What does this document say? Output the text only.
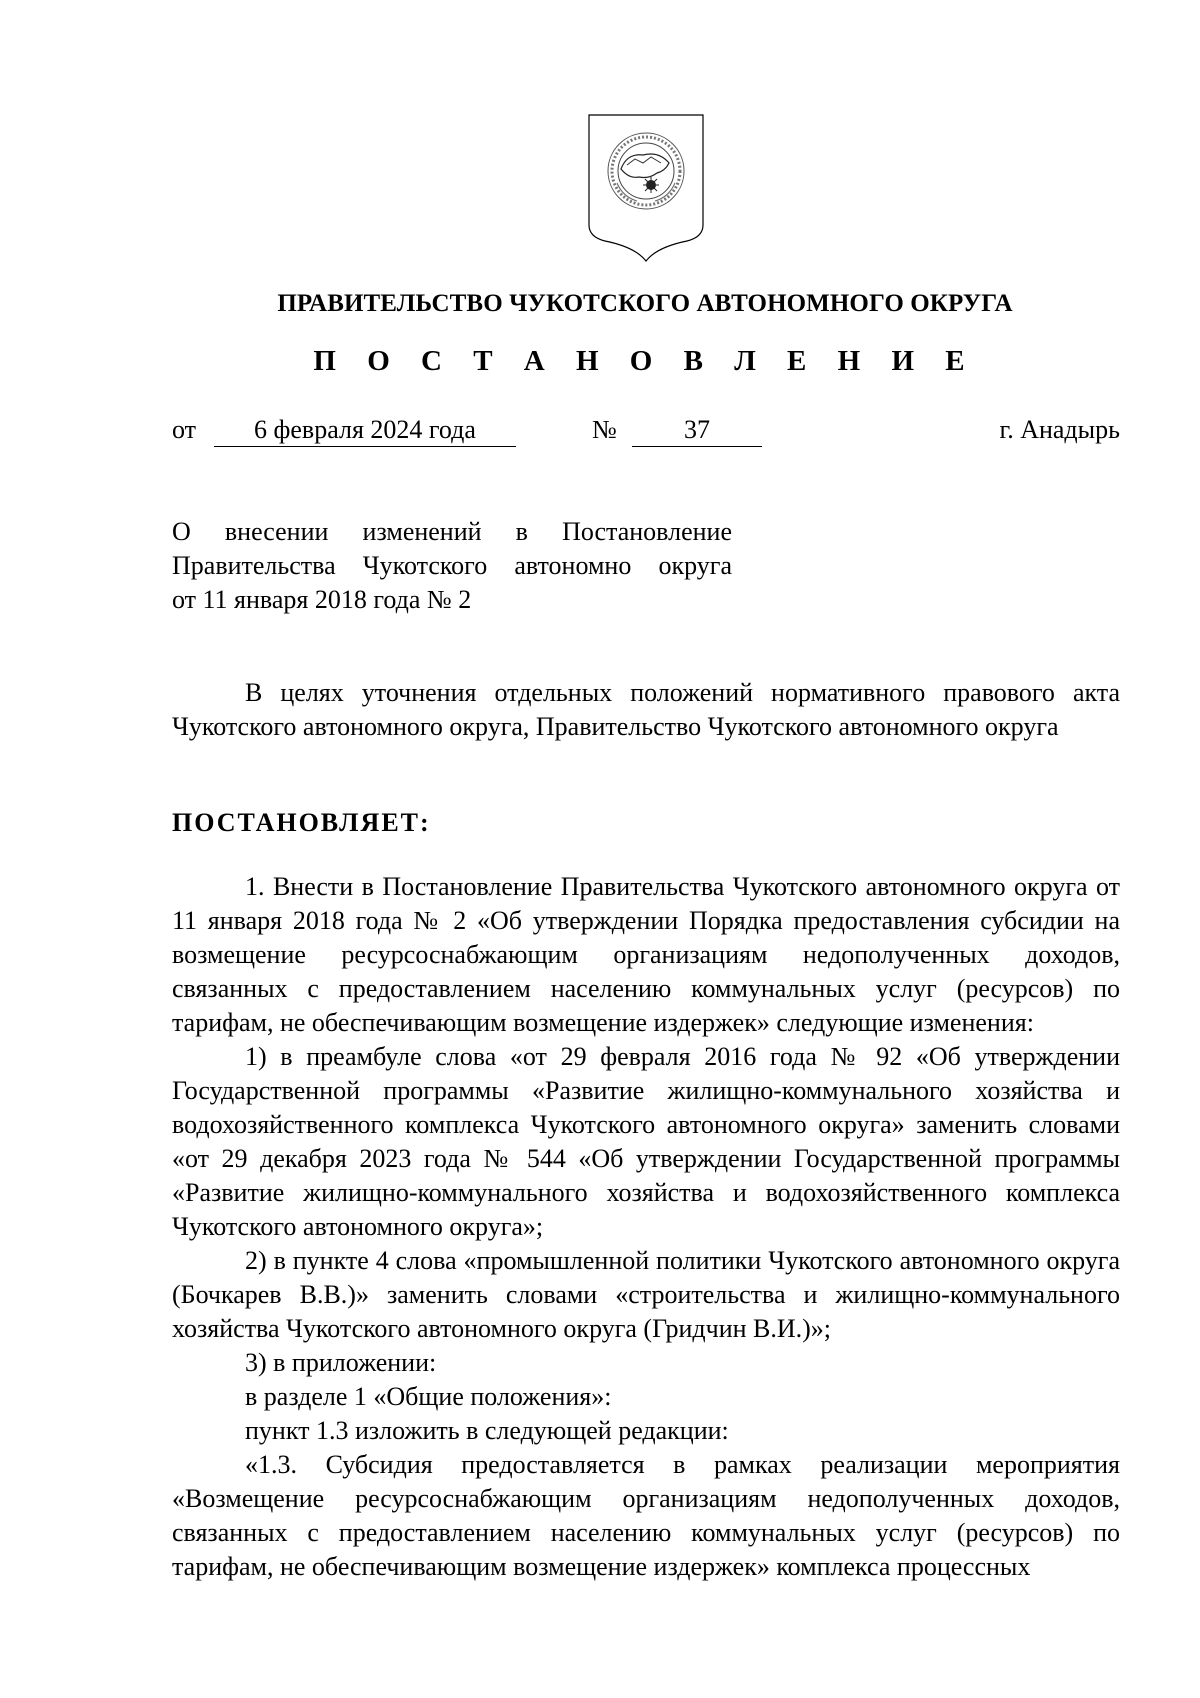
ПРАВИТЕЛЬСТВО ЧУКОТСКОГО АВТОНОМНОГО ОКРУГА
П О С Т А Н О В Л Е Н И Е
от	6 февраля 2024 года	№	37	г. Анадырь
О внесении изменений в Постановление
Правительства Чукотского автономно округа
от 11 января 2018 года № 2

В целях уточнения отдельных положений нормативного правового акта Чукотского автономного округа, Правительство Чукотского автономного округа

ПОСТАНОВЛЯЕТ:

1. Внести в Постановление Правительства Чукотского автономного округа от 11 января 2018 года № 2 «Об утверждении Порядка предоставления субсидии на возмещение ресурсоснабжающим организациям недополученных доходов, связанных с предоставлением населению коммунальных услуг (ресурсов) по тарифам, не обеспечивающим возмещение издержек» следующие изменения:

1) в преамбуле слова «от 29 февраля 2016 года № 92 «Об утверждении Государственной программы «Развитие жилищно-коммунального хозяйства и водохозяйственного комплекса Чукотского автономного округа» заменить словами «от 29 декабря 2023 года № 544 «Об утверждении Государственной программы «Развитие жилищно-коммунального хозяйства и водохозяйственного комплекса Чукотского автономного округа»;

2) в пункте 4 слова «промышленной политики Чукотского автономного округа (Бочкарев В.В.)» заменить словами «строительства и жилищно-коммунального хозяйства Чукотского автономного округа (Гридчин В.И.)»;

3) в приложении:

в разделе 1 «Общие положения»:

пункт 1.3 изложить в следующей редакции:

«1.3. Субсидия предоставляется в рамках реализации мероприятия «Возмещение ресурсоснабжающим организациям недополученных доходов, связанных с предоставлением населению коммунальных услуг (ресурсов) по тарифам, не обеспечивающим возмещение издержек» комплекса процессных
